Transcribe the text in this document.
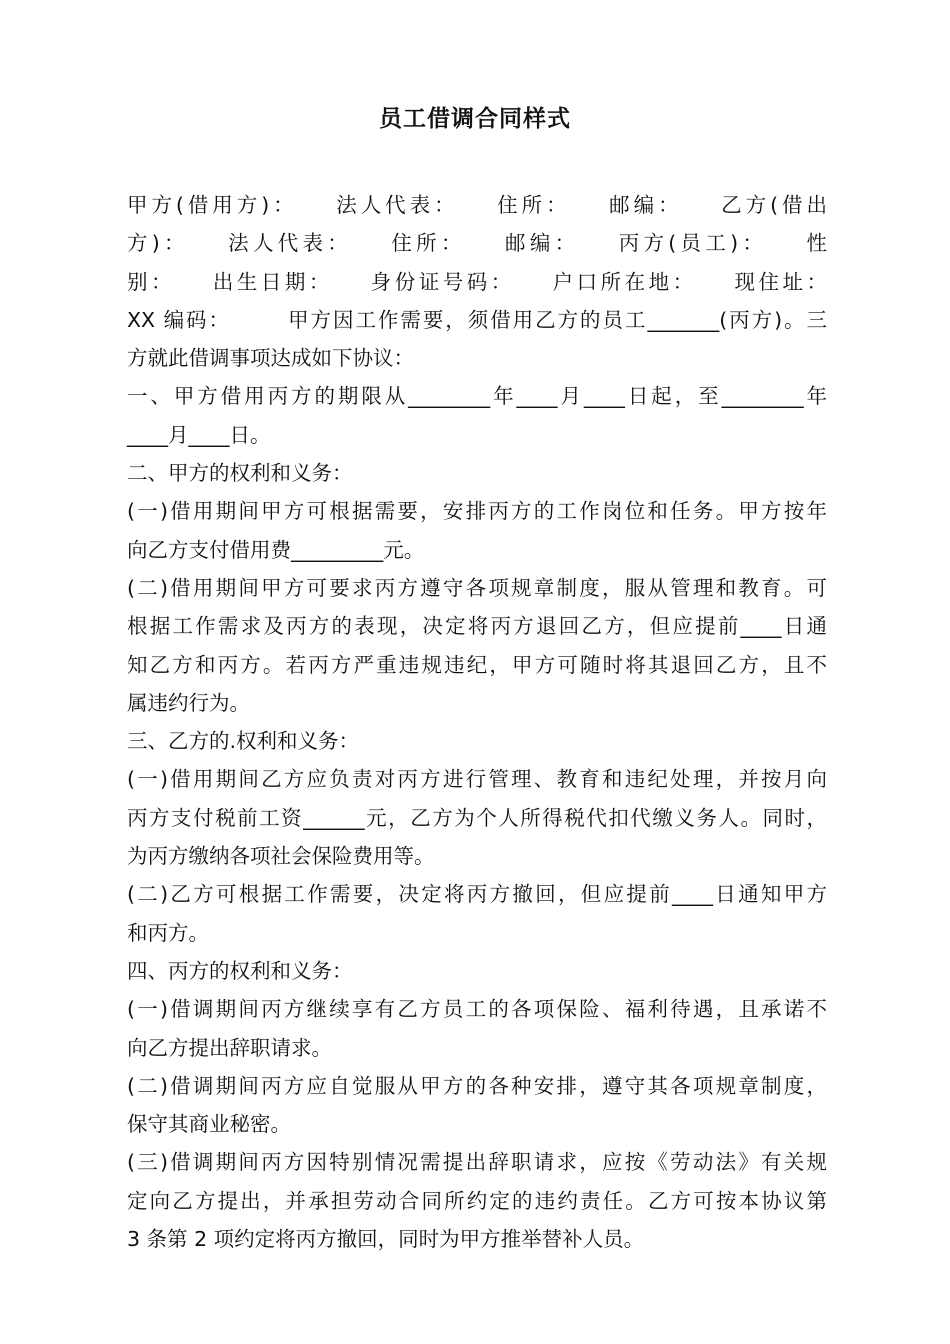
员工借调合同样式
甲方(借用方)：　　法人代表：　　住所：　　邮编：　　乙方(借出
方)：　　法人代表：　　住所：　　邮编：　　丙方(员工)：　　性
别：　　出生日期：　　身份证号码：　　户口所在地：　　现住址：
XX 编码：　　　甲方因工作需要，须借用乙方的员工_______(丙方)。三
方就此借调事项达成如下协议：
一、甲方借用丙方的期限从________年____月____日起，至________年
____月____日。
二、甲方的权利和义务：
(一)借用期间甲方可根据需要，安排丙方的工作岗位和任务。甲方按年
向乙方支付借用费_________元。
(二)借用期间甲方可要求丙方遵守各项规章制度，服从管理和教育。可
根据工作需求及丙方的表现，决定将丙方退回乙方，但应提前____日通
知乙方和丙方。若丙方严重违规违纪，甲方可随时将其退回乙方，且不
属违约行为。
三、乙方的.权利和义务：
(一)借用期间乙方应负责对丙方进行管理、教育和违纪处理，并按月向
丙方支付税前工资______元，乙方为个人所得税代扣代缴义务人。同时，
为丙方缴纳各项社会保险费用等。
(二)乙方可根据工作需要，决定将丙方撤回，但应提前____日通知甲方
和丙方。
四、丙方的权利和义务：
(一)借调期间丙方继续享有乙方员工的各项保险、福利待遇，且承诺不
向乙方提出辞职请求。
(二)借调期间丙方应自觉服从甲方的各种安排，遵守其各项规章制度，
保守其商业秘密。
(三)借调期间丙方因特别情况需提出辞职请求，应按《劳动法》有关规
定向乙方提出，并承担劳动合同所约定的违约责任。乙方可按本协议第
3 条第 2 项约定将丙方撤回，同时为甲方推举替补人员。
